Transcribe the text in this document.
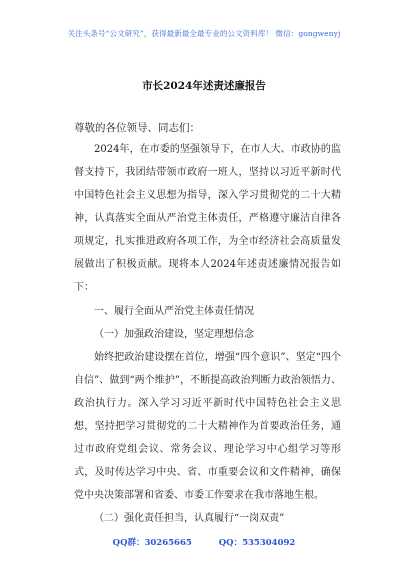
关注头条号“公文研究”，获得最新最全最专业的公文资料库！ 微信：gongwenyj
市长2024年述责述廉报告
尊敬的各位领导、同志们：

2024年，在市委的坚强领导下，在市人大、市政协的监督支持下，我团结带领市政府一班人，坚持以习近平新时代中国特色社会主义思想为指导，深入学习贯彻党的二十大精神，认真落实全面从严治党主体责任，严格遵守廉洁自律各项规定，扎实推进政府各项工作，为全市经济社会高质量发展做出了积极贡献。现将本人2024年述责述廉情况报告如下：

一、履行全面从严治党主体责任情况

（一）加强政治建设，坚定理想信念

始终把政治建设摆在首位，增强“四个意识”、坚定“四个自信”、做到“两个维护”，不断提高政治判断力政治领悟力、政治执行力。深入学习习近平新时代中国特色社会主义思想，坚持把学习贯彻党的二十大精神作为首要政治任务，通过市政府党组会议、常务会议、理论学习中心组学习等形式，及时传达学习中央、省、市重要会议和文件精神，确保党中央决策部署和省委、市委工作要求在我市落地生根。

（二）强化责任担当，认真履行“一岗双责”

QQ群：30265665	QQ：535304092
